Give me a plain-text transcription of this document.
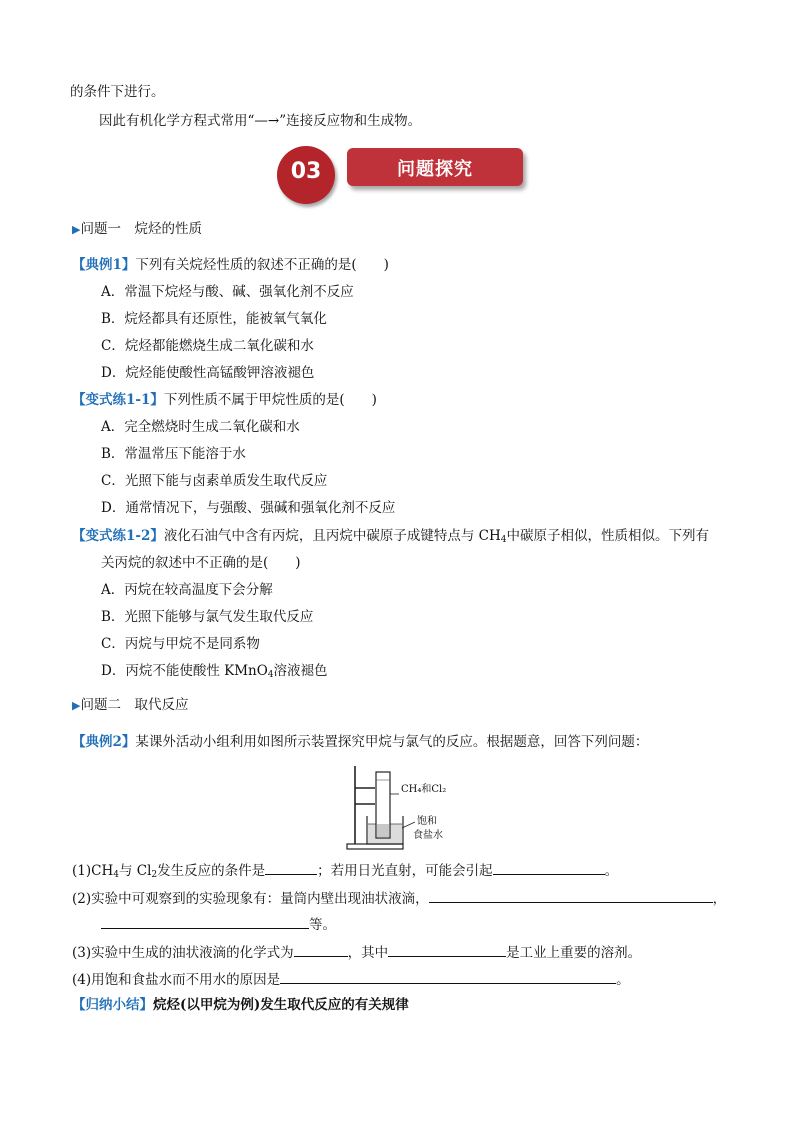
的条件下进行。
因此有机化学方程式常用“—→”连接反应物和生成物。
03	问题探究
▶问题一　烷烃的性质
【典例1】下列有关烷烃性质的叙述不正确的是(　　)
A．常温下烷烃与酸、碱、强氧化剂不反应
B．烷烃都具有还原性，能被氧气氧化
C．烷烃都能燃烧生成二氧化碳和水
D．烷烃能使酸性高锰酸钾溶液褪色
【变式练1-1】下列性质不属于甲烷性质的是(　　)
A．完全燃烧时生成二氧化碳和水
B．常温常压下能溶于水
C．光照下能与卤素单质发生取代反应
D．通常情况下，与强酸、强碱和强氧化剂不反应
【变式练1-2】液化石油气中含有丙烷，且丙烷中碳原子成键特点与 $CH_4$中碳原子相似，性质相似。下列有
关丙烷的叙述中不正确的是(　　)
A．丙烷在较高温度下会分解
B．光照下能够与氯气发生取代反应
C．丙烷与甲烷不是同系物
D．丙烷不能使酸性 KMnO$_4$溶液褪色
▶问题二　取代反应
【典例2】某课外活动小组利用如图所示装置探究甲烷与氯气的反应。根据题意，回答下列问题：
CH₄和Cl₂
饱和
食盐水
$(1)CH_4$与 $Cl_2$发生反应的条件是	；若用日光直射，可能会引起	。
(2)实验中可观察到的实验现象有：量筒内壁出现油状液滴，	，
等。
(3)实验中生成的油状液滴的化学式为	，其中	是工业上重要的溶剂。
(4)用饱和食盐水而不用水的原因是	。
【归纳小结】烷烃(以甲烷为例)发生取代反应的有关规律
